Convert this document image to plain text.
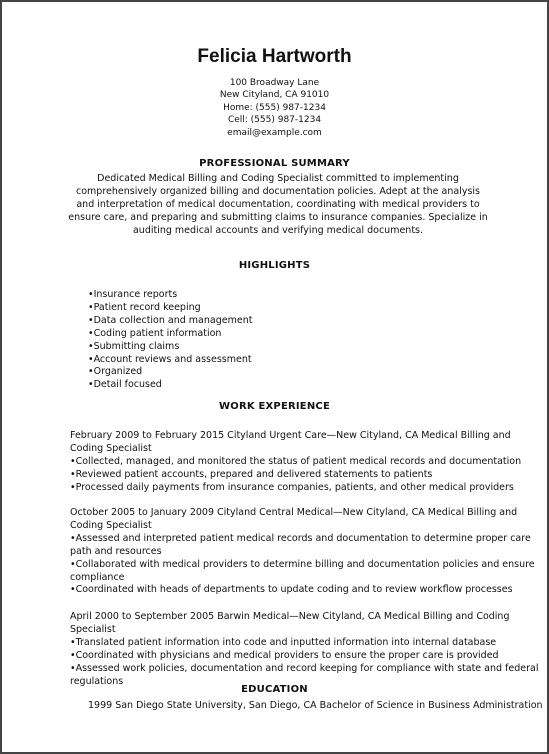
Felicia Hartworth
100 Broadway Lane
New Cityland, CA 91010
Home: (555) 987-1234
Cell: (555) 987-1234
email@example.com
PROFESSIONAL SUMMARY
Dedicated Medical Billing and Coding Specialist committed to implementing comprehensively organized billing and documentation policies. Adept at the analysis and interpretation of medical documentation, coordinating with medical providers to ensure care, and preparing and submitting claims to insurance companies. Specialize in auditing medical accounts and verifying medical documents.
HIGHLIGHTS
•Insurance reports
•Patient record keeping
•Data collection and management
•Coding patient information
•Submitting claims
•Account reviews and assessment
•Organized
•Detail focused
WORK EXPERIENCE
February 2009 to February 2015 Cityland Urgent Care—New Cityland, CA Medical Billing and Coding Specialist
•Collected, managed, and monitored the status of patient medical records and documentation
•Reviewed patient accounts, prepared and delivered statements to patients
•Processed daily payments from insurance companies, patients, and other medical providers
October 2005 to January 2009 Cityland Central Medical—New Cityland, CA Medical Billing and Coding Specialist
•Assessed and interpreted patient medical records and documentation to determine proper care path and resources
•Collaborated with medical providers to determine billing and documentation policies and ensure compliance
•Coordinated with heads of departments to update coding and to review workflow processes
April 2000 to September 2005 Barwin Medical—New Cityland, CA Medical Billing and Coding Specialist
•Translated patient information into code and inputted information into internal database
•Coordinated with physicians and medical providers to ensure the proper care is provided
•Assessed work policies, documentation and record keeping for compliance with state and federal regulations
EDUCATION
1999 San Diego State University, San Diego, CA Bachelor of Science in Business Administration
